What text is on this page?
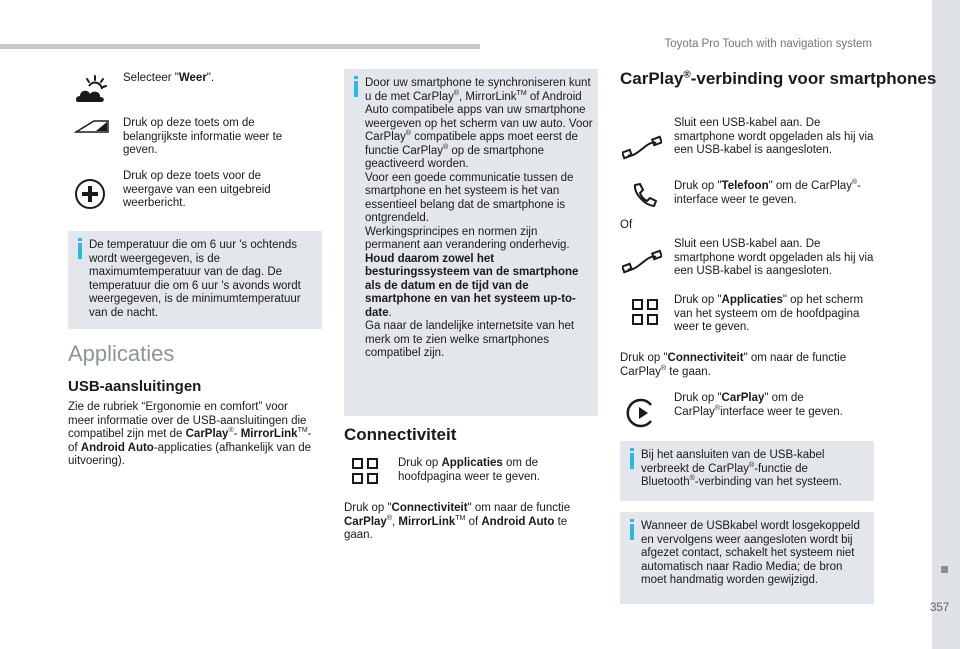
Toyota Pro Touch with navigation system
357
Selecteer "Weer".
Druk op deze toets om de belangrijkste informatie weer te geven.
Druk op deze toets voor de weergave van een uitgebreid weerbericht.
De temperatuur die om 6 uur 's ochtends wordt weergegeven, is de maximumtemperatuur van de dag. De temperatuur die om 6 uur 's avonds wordt weergegeven, is de minimumtemperatuur van de nacht.
Applicaties
USB-aansluitingen
Zie de rubriek “Ergonomie en comfort” voor meer informatie over de USB-aansluitingen die compatibel zijn met de CarPlay®- MirrorLink™- of Android Auto-applicaties (afhankelijk van de uitvoering).
Door uw smartphone te synchroniseren kunt u de met CarPlay®, MirrorLink™ of Android Auto compatibele apps van uw smartphone weergeven op het scherm van uw auto. Voor CarPlay® compatibele apps moet eerst de functie CarPlay® op de smartphone geactiveerd worden.
Voor een goede communicatie tussen de smartphone en het systeem is het van essentieel belang dat de smartphone is ontgrendeld.
Werkingsprincipes en normen zijn permanent aan verandering onderhevig. Houd daarom zowel het besturingssysteem van de smartphone als de datum en de tijd van de smartphone en van het systeem up-to-date.
Ga naar de landelijke internetsite van het merk om te zien welke smartphones compatibel zijn.
Connectiviteit
Druk op Applicaties om de hoofdpagina weer te geven.
Druk op "Connectiviteit" om naar de functie CarPlay®, MirrorLink™ of Android Auto te gaan.
CarPlay®-verbinding voor smartphones
Sluit een USB-kabel aan. De smartphone wordt opgeladen als hij via een USB-kabel is aangesloten.
Druk op "Telefoon" om de CarPlay®-interface weer te geven.
Of
Sluit een USB-kabel aan. De smartphone wordt opgeladen als hij via een USB-kabel is aangesloten.
Druk op "Applicaties" op het scherm van het systeem om de hoofdpagina weer te geven.
Druk op "Connectiviteit" om naar de functie CarPlay® te gaan.
Druk op "CarPlay" om de CarPlay®interface weer te geven.
Bij het aansluiten van de USB-kabel verbreekt de CarPlay®-functie de Bluetooth®-verbinding van het systeem.
Wanneer de USBkabel wordt losgekoppeld en vervolgens weer aangesloten wordt bij afgezet contact, schakelt het systeem niet automatisch naar Radio Media; de bron moet handmatig worden gewijzigd.
